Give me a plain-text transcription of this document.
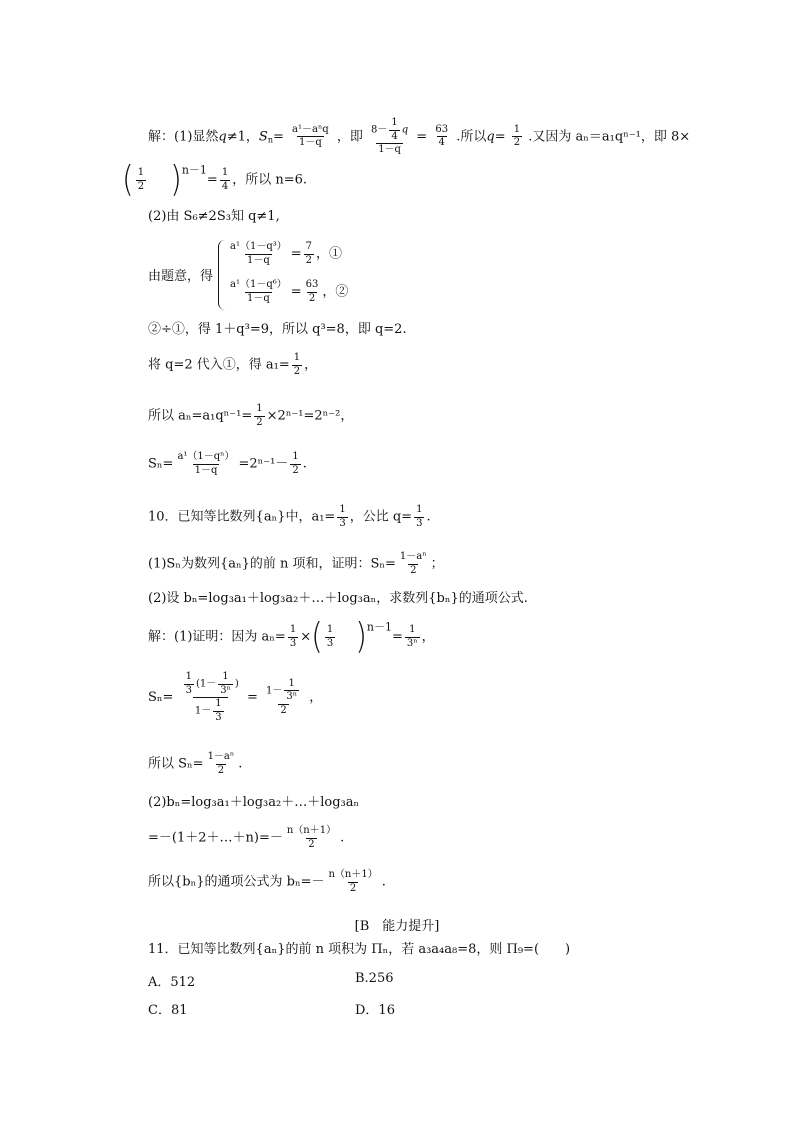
解：(1)显然q≠1，$S_n= \frac{\text{a¹－aⁿq}}{1-q}$ ，即 $\frac{8- \frac{1}{4} q}{1-q} = \frac{63}{4}$ .所以$q= \frac{1}{2}$ .又因为 aₙ＝a₁qⁿ⁻¹，即 8×
( $\frac{1}{2} )^{n-1}= \frac{1}{4}$ ，所以 n=6.
(2)由 S₆≠2S₃知 q≠1,
由题意，得
$\frac{\text{a¹（1－q³）}}{1-q} = \frac{7}{2}$ ，①
$\frac{\text{a¹（1－q⁶）}}{1-q} = \frac{63}{2}$ ，②
②÷①，得 1＋q³=9，所以 q³=8，即 q=2.
将 q=2 代入①，得 $a_1= \frac{1}{2}$ ，
所以 $a_n=a_1q^{n-1}= \frac{1}{2} \times 2^{n-1}=2^{n-2}$，
$S_n= \frac{\text{a¹（1－qⁿ）}}{1-q} =2^{n-1}- \frac{1}{2}$ .
10．已知等比数列{aₙ}中，$a_1= \frac{1}{3}$ ，公比 $q= \frac{1}{3}$ .
(1)Sₙ为数列{aₙ}的前 n 项和，证明：$S_n= \frac{\text{1－aⁿ}}{2}$ ；
(2)设 bₙ=log₃a₁＋log₃a₂＋…＋log₃aₙ，求数列{bₙ}的通项公式.
解：(1)证明：因为 $a_n= \frac{1}{3}$ ×( $\frac{1}{3} )^{n-1}= \frac{1}{\text{3ⁿ}}$ ，
$S_n= \frac{\frac{1}{3} (1- \frac{1}{\text{3ⁿ}} )}{1- \frac{1}{3}} = \frac{1- \frac{1}{\text{3ⁿ}}}{2}$ ，
所以 $S_n= \frac{\text{1－aⁿ}}{2}$ .
(2)bₙ=log₃a₁＋log₃a₂＋…＋log₃aₙ
=－(1＋2＋…＋n)=－ $\frac{n(n+1)}{2}$ .
所以{bₙ}的通项公式为 $b_n=- \frac{n(n+1)}{2}$ .
[B　能力提升]
11．已知等比数列{aₙ}的前 n 项积为 Πₙ，若 a₃a₄a₈=8，则 Π₉=(　　)
A．512	B.256
C．81	D．16
